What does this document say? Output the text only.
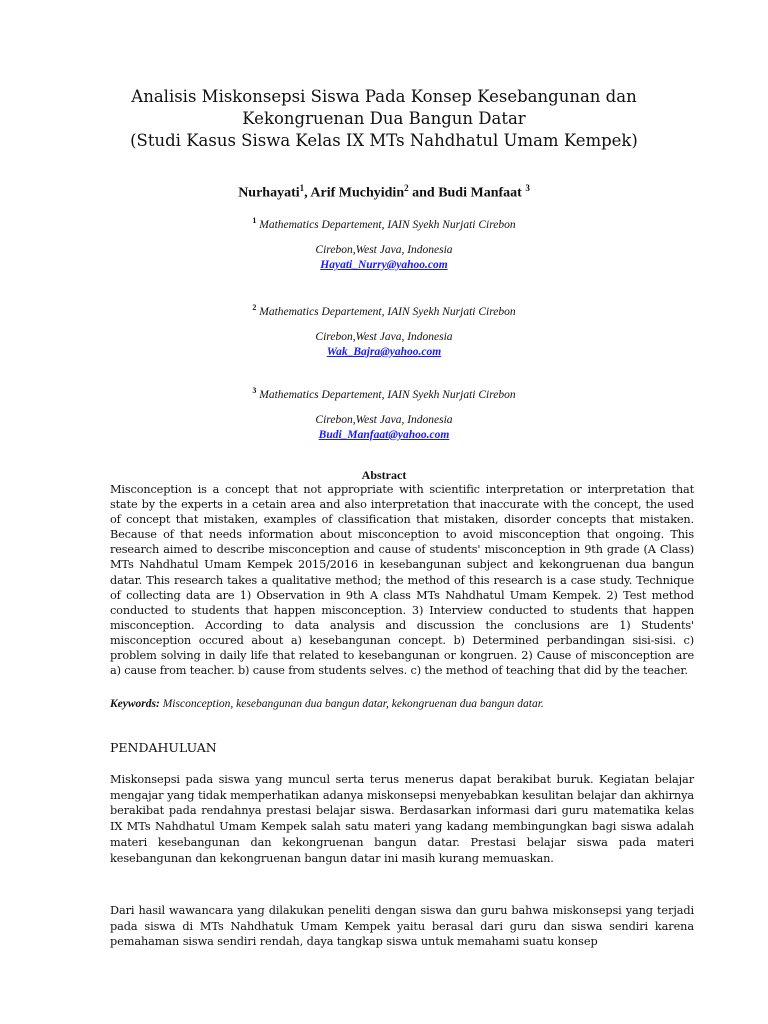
Analisis Miskonsepsi Siswa Pada Konsep Kesebangunan dan
Kekongruenan Dua Bangun Datar
(Studi Kasus Siswa Kelas IX MTs Nahdhatul Umam Kempek)
Nurhayati$^1$, Arif Muchyidin$^2$ and Budi Manfaat $^3$
$^1$ Mathematics Departement, IAIN Syekh Nurjati Cirebon
Cirebon,West Java, Indonesia
Hayati_Nurry@yahoo.com
$^2$ Mathematics Departement, IAIN Syekh Nurjati Cirebon
Cirebon,West Java, Indonesia
Wak_Bajra@yahoo.com
$^3$ Mathematics Departement, IAIN Syekh Nurjati Cirebon
Cirebon,West Java, Indonesia
Budi_Manfaat@yahoo.com
Abstract
Misconception is a concept that not appropriate with scientific interpretation or interpretation that state by the experts in a cetain area and also interpretation that inaccurate with the concept, the used of concept that mistaken, examples of classification that mistaken, disorder concepts that mistaken. Because of that needs information about misconception to avoid misconception that ongoing. This research aimed to describe misconception and cause of students' misconception in 9th grade (A Class) MTs Nahdhatul Umam Kempek 2015/2016 in kesebangunan subject and kekongruenan dua bangun datar. This research takes a qualitative method; the method of this research is a case study. Technique of collecting data are 1) Observation in 9th A class MTs Nahdhatul Umam Kempek. 2) Test method conducted to students that happen misconception. 3) Interview conducted to students that happen misconception. According to data analysis and discussion the conclusions are 1) Students' misconception occured about a) kesebangunan concept. b) Determined perbandingan sisi-sisi. c) problem solving in daily life that related to kesebangunan or kongruen. 2) Cause of misconception are a) cause from teacher. b) cause from students selves. c) the method of teaching that did by the teacher.
Keywords: Misconception, kesebangunan dua bangun datar, kekongruenan dua bangun datar.
PENDAHULUAN
Miskonsepsi pada siswa yang muncul serta terus menerus dapat berakibat buruk. Kegiatan belajar mengajar yang tidak memperhatikan adanya miskonsepsi menyebabkan kesulitan belajar dan akhirnya berakibat pada rendahnya prestasi belajar siswa. Berdasarkan informasi dari guru matematika kelas IX MTs Nahdhatul Umam Kempek salah satu materi yang kadang membingungkan bagi siswa adalah materi kesebangunan dan kekongruenan bangun datar. Prestasi belajar siswa pada materi kesebangunan dan kekongruenan bangun datar ini masih kurang memuaskan.
Dari hasil wawancara yang dilakukan peneliti dengan siswa dan guru bahwa miskonsepsi yang terjadi pada siswa di MTs Nahdhatuk Umam Kempek yaitu berasal dari guru dan siswa sendiri karena pemahaman siswa sendiri rendah, daya tangkap siswa untuk memahami suatu konsep
